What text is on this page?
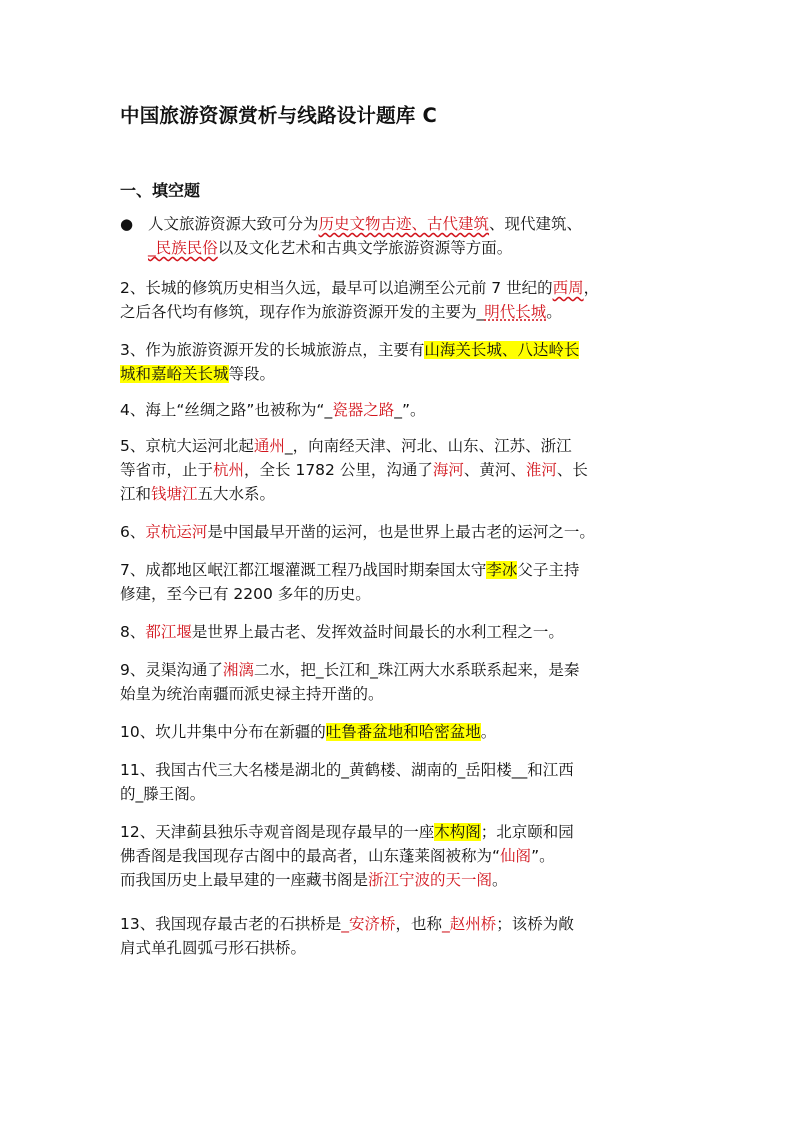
中国旅游资源赏析与线路设计题库 C
一、填空题
● 人文旅游资源大致可分为历史文物古迹、古代建筑、现代建筑、
_民族民俗以及文化艺术和古典文学旅游资源等方面。
2、长城的修筑历史相当久远，最早可以追溯至公元前 7 世纪的西周，
之后各代均有修筑，现存作为旅游资源开发的主要为_明代长城。
3、作为旅游资源开发的长城旅游点，主要有山海关长城、八达岭长
城和嘉峪关长城等段。
4、海上“丝绸之路”也被称为“_瓷器之路_”。
5、京杭大运河北起通州_，向南经天津、河北、山东、江苏、浙江
等省市，止于杭州，全长 1782 公里，沟通了海河、黄河、淮河、长
江和钱塘江五大水系。
6、京杭运河是中国最早开凿的运河，也是世界上最古老的运河之一。
7、成都地区岷江都江堰灌溉工程乃战国时期秦国太守李冰父子主持
修建，至今已有 2200 多年的历史。
8、都江堰是世界上最古老、发挥效益时间最长的水利工程之一。
9、灵渠沟通了湘漓二水，把_长江和_珠江两大水系联系起来，是秦
始皇为统治南疆而派史禄主持开凿的。
10、坎儿井集中分布在新疆的吐鲁番盆地和哈密盆地。
11、我国古代三大名楼是湖北的_黄鹤楼、湖南的_岳阳楼__和江西
的_滕王阁。
12、天津蓟县独乐寺观音阁是现存最早的一座木构阁；北京颐和园
佛香阁是我国现存古阁中的最高者，山东蓬莱阁被称为“仙阁”。
而我国历史上最早建的一座藏书阁是浙江宁波的天一阁。
13、我国现存最古老的石拱桥是_安济桥，也称_赵州桥；该桥为敞
肩式单孔圆弧弓形石拱桥。
